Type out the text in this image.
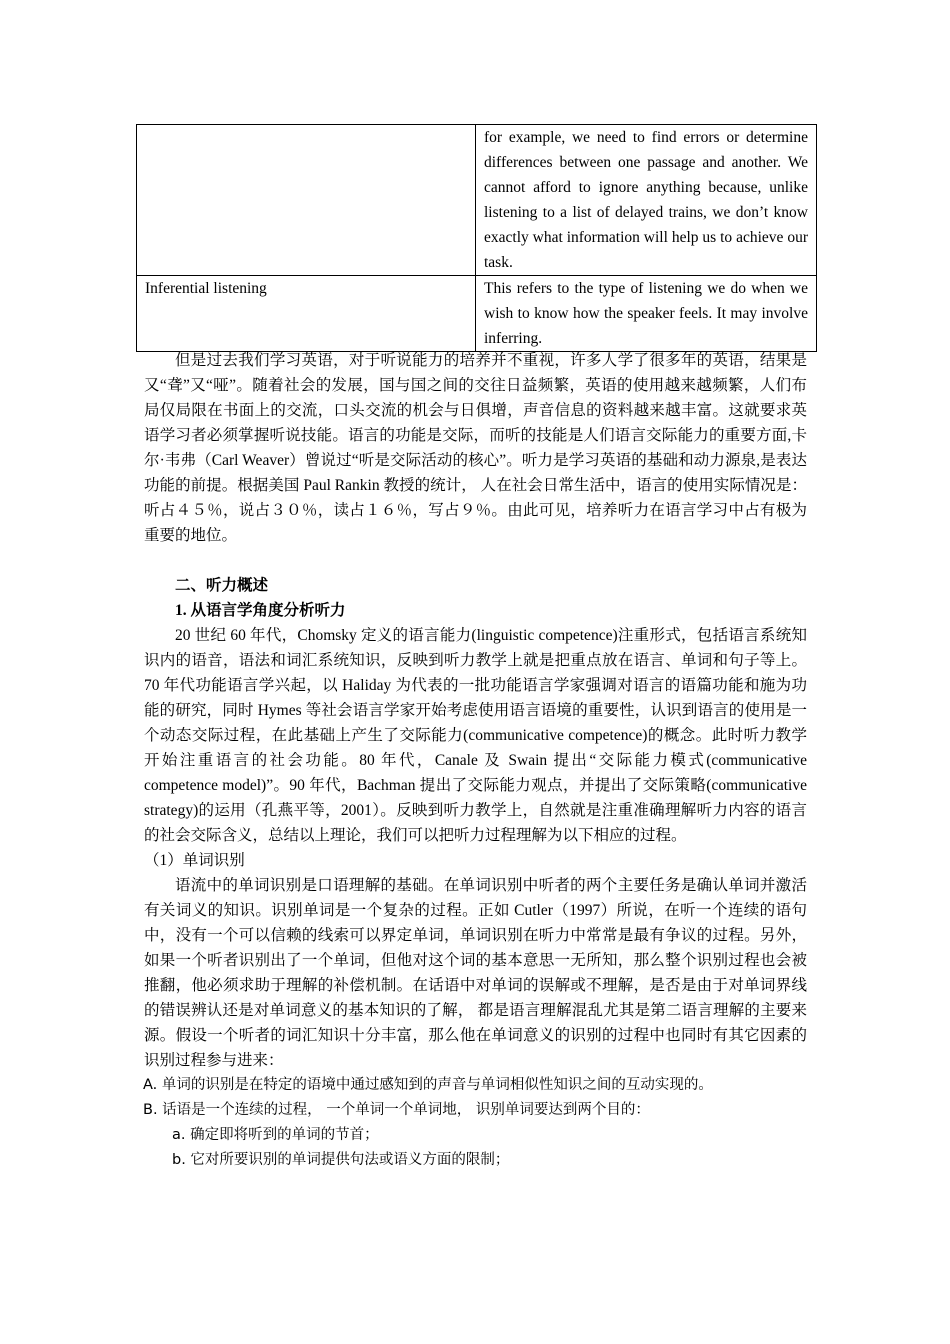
	for example, we need to find errors or determine differences between one passage and another. We cannot afford to ignore anything because, unlike listening to a list of delayed trains, we don’t know exactly what information will help us to achieve our task.
Inferential listening	This refers to the type of listening we do when we wish to know how the speaker feels. It may involve inferring.

但是过去我们学习英语，对于听说能力的培养并不重视，许多人学了很多年的英语，结果是又“聋”又“哑”。随着社会的发展，国与国之间的交往日益频繁，英语的使用越来越频繁，人们布局仅局限在书面上的交流，口头交流的机会与日俱增，声音信息的资料越来越丰富。这就要求英语学习者必须掌握听说技能。语言的功能是交际，而听的技能是人们语言交际能力的重要方面,卡尔·韦弗（Carl Weaver）曾说过“听是交际活动的核心”。听力是学习英语的基础和动力源泉,是表达功能的前提。根据美国 Paul Rankin 教授的统计， 人在社会日常生活中，语言的使用实际情况是：听占４５％，说占３０％，读占１６％，写占９％。由此可见，培养听力在语言学习中占有极为重要的地位。

二、听力概述

1. 从语言学角度分析听力

20 世纪 60 年代，Chomsky 定义的语言能力(linguistic competence)注重形式，包括语言系统知识内的语音，语法和词汇系统知识，反映到听力教学上就是把重点放在语言、单词和句子等上。70 年代功能语言学兴起，以 Haliday 为代表的一批功能语言学家强调对语言的语篇功能和施为功能的研究，同时 Hymes 等社会语言学家开始考虑使用语言语境的重要性，认识到语言的使用是一个动态交际过程，在此基础上产生了交际能力(communicative competence)的概念。此时听力教学开始注重语言的社会功能。80 年代，Canale 及 Swain 提出“交际能力模式(communicative competence model)”。90 年代，Bachman 提出了交际能力观点，并提出了交际策略(communicative strategy)的运用（孔燕平等，2001）。反映到听力教学上，自然就是注重准确理解听力内容的语言的社会交际含义，总结以上理论，我们可以把听力过程理解为以下相应的过程。

（1）单词识别

语流中的单词识别是口语理解的基础。在单词识别中听者的两个主要任务是确认单词并激活有关词义的知识。识别单词是一个复杂的过程。正如 Cutler（1997）所说，在听一个连续的语句中，没有一个可以信赖的线索可以界定单词，单词识别在听力中常常是最有争议的过程。另外，如果一个听者识别出了一个单词，但他对这个词的基本意思一无所知，那么整个识别过程也会被推翻，他必须求助于理解的补偿机制。在话语中对单词的误解或不理解，是否是由于对单词界线的错误辨认还是对单词意义的基本知识的了解， 都是语言理解混乱尤其是第二语言理解的主要来源。假设一个听者的词汇知识十分丰富，那么他在单词意义的识别的过程中也同时有其它因素的识别过程参与进来：

A. 单词的识别是在特定的语境中通过感知到的声音与单词相似性知识之间的互动实现的。

B. 话语是一个连续的过程， 一个单词一个单词地， 识别单词要达到两个目的：

a. 确定即将听到的单词的节首；

b. 它对所要识别的单词提供句法或语义方面的限制；
